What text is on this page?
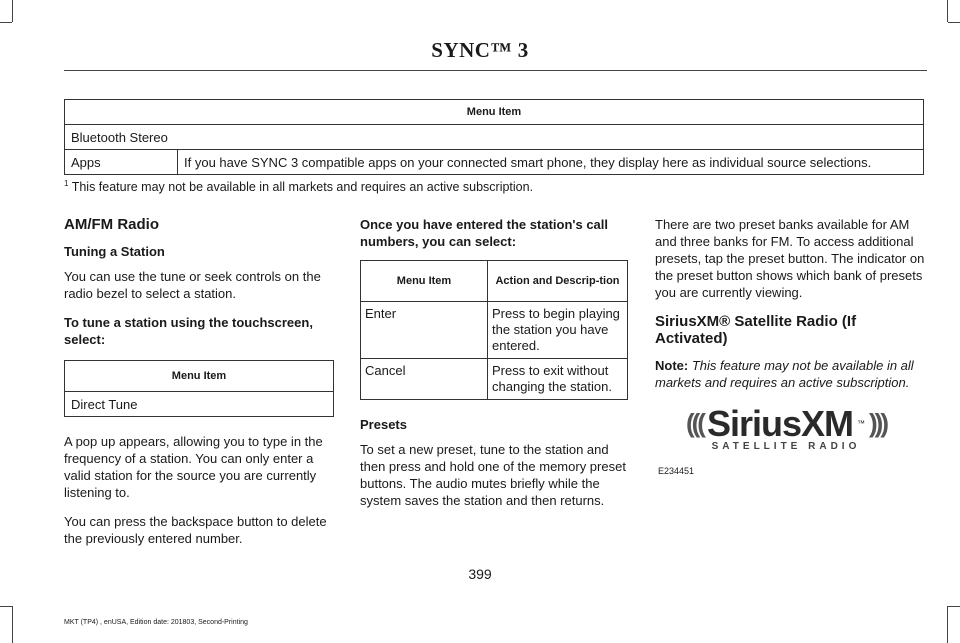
SYNC™ 3
Menu Item
Bluetooth Stereo
Apps	If you have SYNC 3 compatible apps on your connected smart phone, they display here as individual source selections.
$^1$ This feature may not be available in all markets and requires an active subscription.
AM/FM Radio
Tuning a Station

You can use the tune or seek controls on the radio bezel to select a station.

To tune a station using the touchscreen, select:

Menu Item
Direct Tune

A pop up appears, allowing you to type in the frequency of a station. You can only enter a valid station for the source you are currently listening to.

You can press the backspace button to delete the previously entered number.

Once you have entered the station's call numbers, you can select:

Menu Item	Action and Descrip-tion
Enter	Press to begin playing the station you have entered.
Cancel	Press to exit without changing the station.
Presets

To set a new preset, tune to the station and then press and hold one of the memory preset buttons. The audio mutes briefly while the system saves the station and then returns.

There are two preset banks available for AM and three banks for FM. To access additional presets, tap the preset button. The indicator on the preset button shows which bank of presets you are currently viewing.

SiriusXM® Satellite Radio (If Activated)

Note: This feature may not be available in all markets and requires an active subscription.

((( SiriusXM ™ )))
SATELLITE RADIO
E234451
399
MKT (TP4) , enUSA, Edition date: 201803, Second-Printing
